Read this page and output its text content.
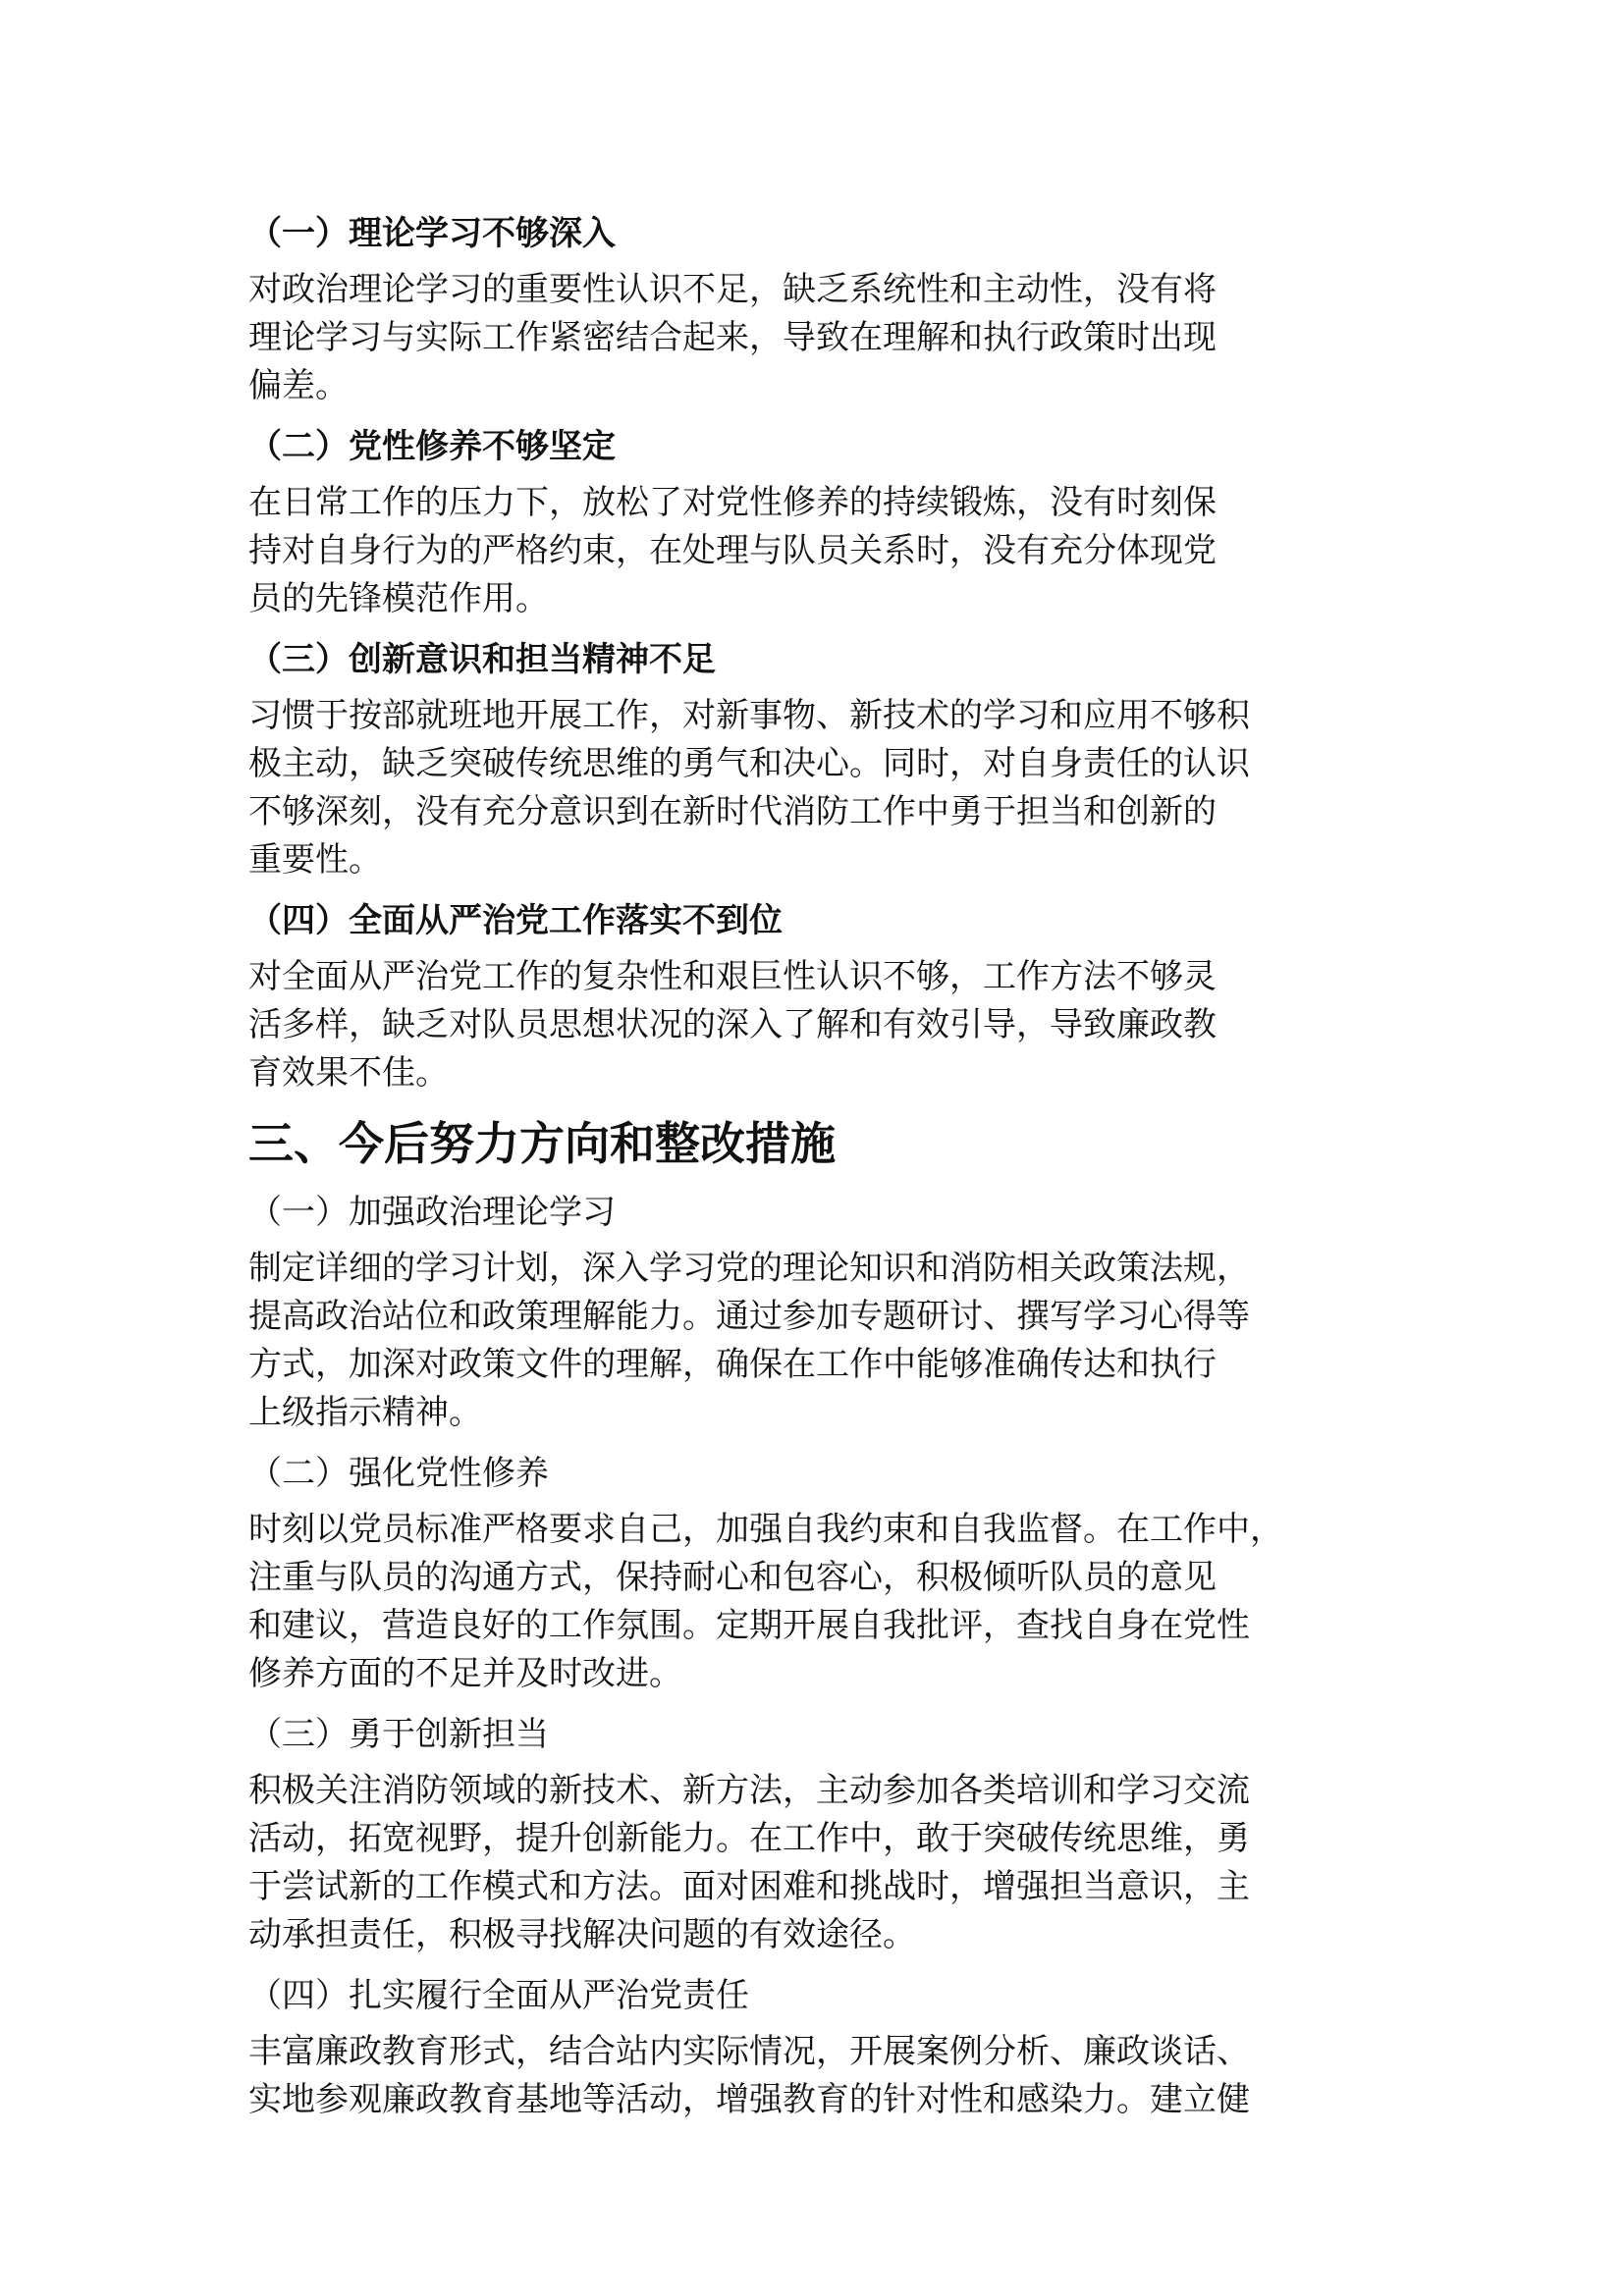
（一）理论学习不够深入
对政治理论学习的重要性认识不足，缺乏系统性和主动性，没有将
理论学习与实际工作紧密结合起来，导致在理解和执行政策时出现
偏差。
（二）党性修养不够坚定
在日常工作的压力下，放松了对党性修养的持续锻炼，没有时刻保
持对自身行为的严格约束，在处理与队员关系时，没有充分体现党
员的先锋模范作用。
（三）创新意识和担当精神不足
习惯于按部就班地开展工作，对新事物、新技术的学习和应用不够积
极主动，缺乏突破传统思维的勇气和决心。同时，对自身责任的认识
不够深刻，没有充分意识到在新时代消防工作中勇于担当和创新的
重要性。
（四）全面从严治党工作落实不到位
对全面从严治党工作的复杂性和艰巨性认识不够，工作方法不够灵
活多样，缺乏对队员思想状况的深入了解和有效引导，导致廉政教
育效果不佳。
三、今后努力方向和整改措施
（一）加强政治理论学习
制定详细的学习计划，深入学习党的理论知识和消防相关政策法规，
提高政治站位和政策理解能力。通过参加专题研讨、撰写学习心得等
方式，加深对政策文件的理解，确保在工作中能够准确传达和执行
上级指示精神。
（二）强化党性修养
时刻以党员标准严格要求自己，加强自我约束和自我监督。在工作中，
注重与队员的沟通方式，保持耐心和包容心，积极倾听队员的意见
和建议，营造良好的工作氛围。定期开展自我批评，查找自身在党性
修养方面的不足并及时改进。
（三）勇于创新担当
积极关注消防领域的新技术、新方法，主动参加各类培训和学习交流
活动，拓宽视野，提升创新能力。在工作中，敢于突破传统思维，勇
于尝试新的工作模式和方法。面对困难和挑战时，增强担当意识，主
动承担责任，积极寻找解决问题的有效途径。
（四）扎实履行全面从严治党责任
丰富廉政教育形式，结合站内实际情况，开展案例分析、廉政谈话、
实地参观廉政教育基地等活动，增强教育的针对性和感染力。建立健
